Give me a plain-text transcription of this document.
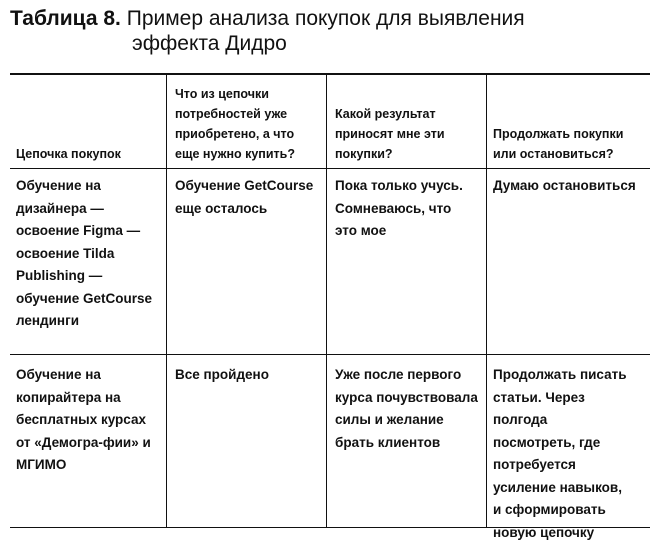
Таблица 8. Пример анализа покупок для выявления
эффекта Дидро
Цепочка покупок
Что из цепочки потребностей уже приобретено, а что еще нужно купить?
Какой результат приносят мне эти покупки?
Продолжать покупки или остановиться?
Обучение на дизайнера — освоение Figma — освоение Tilda Publishing — обучение GetCourse лендинги
Обучение GetCourse еще осталось
Пока только учусь. Сомневаюсь, что это мое
Думаю остановиться
Обучение на копирайтера на бесплатных курсах от «Демогра-фии» и МГИМО
Все пройдено	Уже после первого курса почувствовала силы и желание брать клиентов
Продолжать писать статьи. Через полгода посмотреть, где потребуется усиление навыков, и сформировать новую цепочку
